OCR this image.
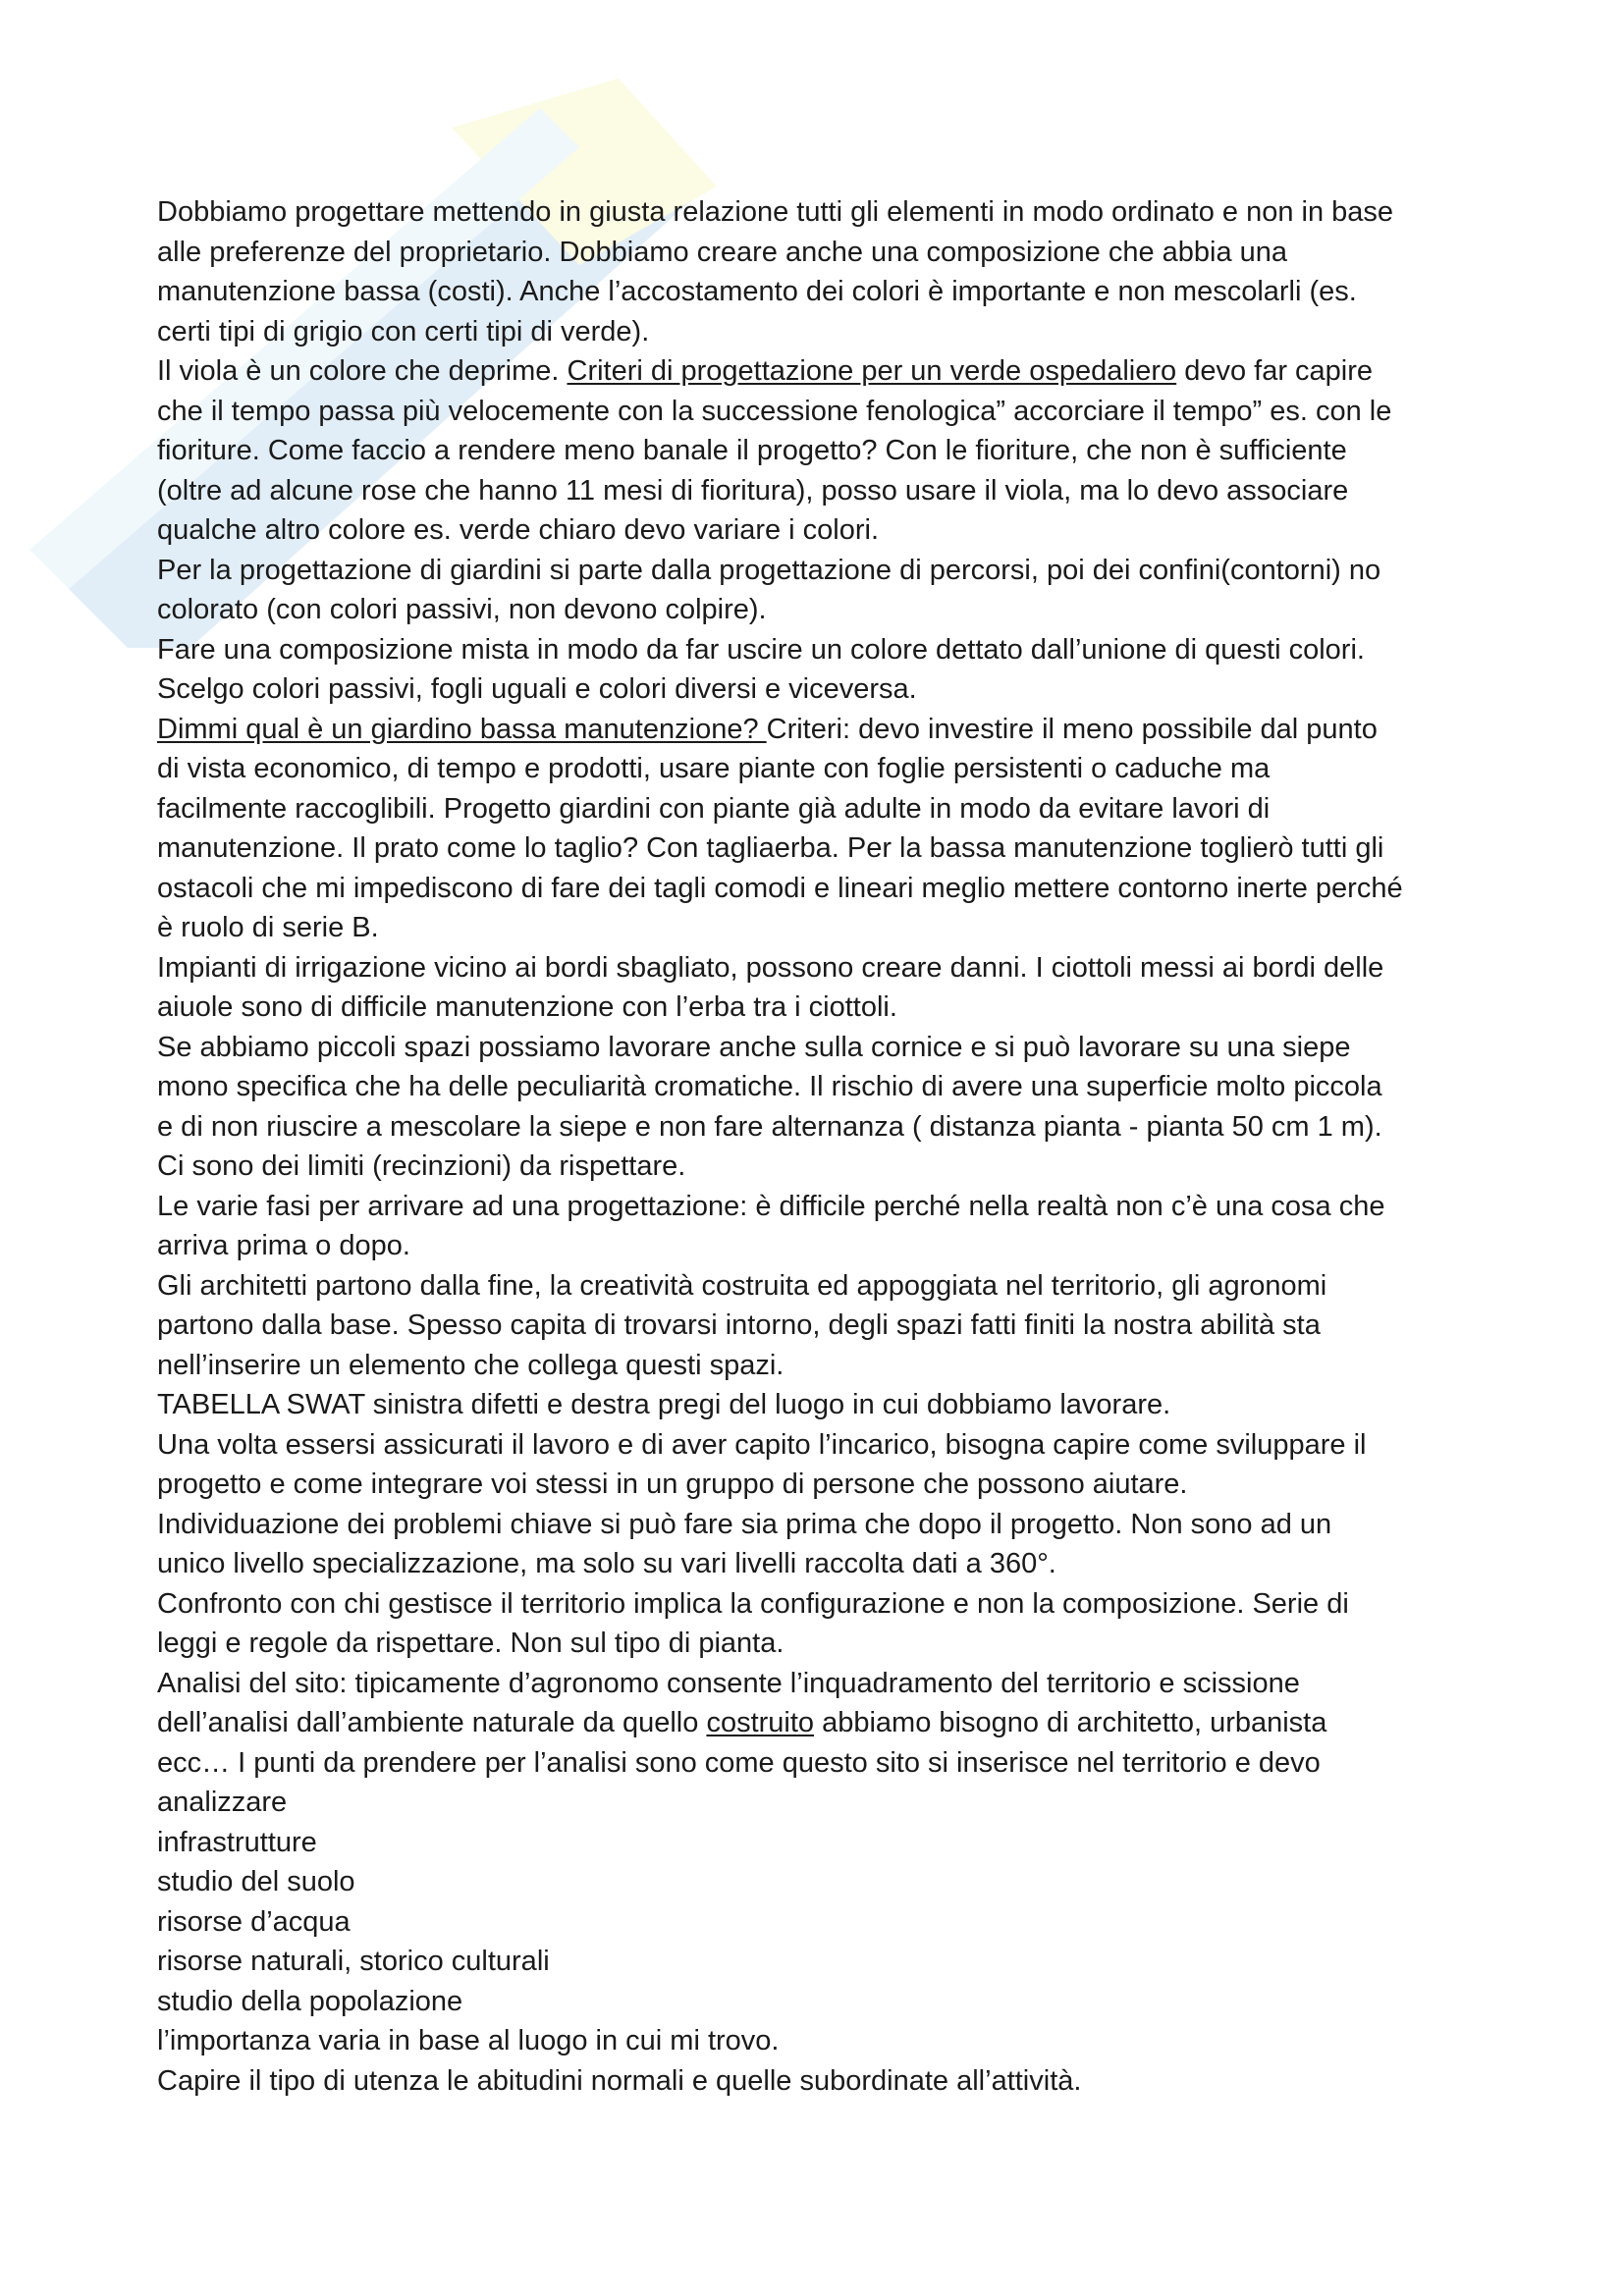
Dobbiamo progettare mettendo in giusta relazione tutti gli elementi in modo ordinato e non in base
alle preferenze del proprietario. Dobbiamo creare anche una composizione che abbia una
manutenzione bassa (costi). Anche l’accostamento dei colori è importante e non mescolarli (es.
certi tipi di grigio con certi tipi di verde).
Il viola è un colore che deprime. Criteri di progettazione per un verde ospedaliero devo far capire
che il tempo passa più velocemente con la successione fenologica” accorciare il tempo” es. con le
fioriture. Come faccio a rendere meno banale il progetto? Con le fioriture, che non è sufficiente
(oltre ad alcune rose che hanno 11 mesi di fioritura), posso usare il viola, ma lo devo associare
qualche altro colore es. verde chiaro devo variare i colori.
Per la progettazione di giardini si parte dalla progettazione di percorsi, poi dei confini(contorni) no
colorato (con colori passivi, non devono colpire).
Fare una composizione mista in modo da far uscire un colore dettato dall’unione di questi colori.
Scelgo colori passivi, fogli uguali e colori diversi e viceversa.
Dimmi qual è un giardino bassa manutenzione? Criteri: devo investire il meno possibile dal punto
di vista economico, di tempo e prodotti, usare piante con foglie persistenti o caduche ma
facilmente raccoglibili. Progetto giardini con piante già adulte in modo da evitare lavori di
manutenzione. Il prato come lo taglio? Con tagliaerba. Per la bassa manutenzione toglierò tutti gli
ostacoli che mi impediscono di fare dei tagli comodi e lineari meglio mettere contorno inerte perché
è ruolo di serie B.
Impianti di irrigazione vicino ai bordi sbagliato, possono creare danni. I ciottoli messi ai bordi delle
aiuole sono di difficile manutenzione con l’erba tra i ciottoli.
Se abbiamo piccoli spazi possiamo lavorare anche sulla cornice e si può lavorare su una siepe
mono specifica che ha delle peculiarità cromatiche. Il rischio di avere una superficie molto piccola
e di non riuscire a mescolare la siepe e non fare alternanza ( distanza pianta - pianta 50 cm 1 m).
Ci sono dei limiti (recinzioni) da rispettare.
Le varie fasi per arrivare ad una progettazione: è difficile perché nella realtà non c’è una cosa che
arriva prima o dopo.
Gli architetti partono dalla fine, la creatività costruita ed appoggiata nel territorio, gli agronomi
partono dalla base. Spesso capita di trovarsi intorno, degli spazi fatti finiti la nostra abilità sta
nell’inserire un elemento che collega questi spazi.
TABELLA SWAT sinistra difetti e destra pregi del luogo in cui dobbiamo lavorare.
Una volta essersi assicurati il lavoro e di aver capito l’incarico, bisogna capire come sviluppare il
progetto e come integrare voi stessi in un gruppo di persone che possono aiutare.
Individuazione dei problemi chiave si può fare sia prima che dopo il progetto. Non sono ad un
unico livello specializzazione, ma solo su vari livelli raccolta dati a 360°.
Confronto con chi gestisce il territorio implica la configurazione e non la composizione. Serie di
leggi e regole da rispettare. Non sul tipo di pianta.
Analisi del sito: tipicamente d’agronomo consente l’inquadramento del territorio e scissione
dell’analisi dall’ambiente naturale da quello costruito abbiamo bisogno di architetto, urbanista
ecc… I punti da prendere per l’analisi sono come questo sito si inserisce nel territorio e devo
analizzare
infrastrutture
studio del suolo
risorse d’acqua
risorse naturali, storico culturali
studio della popolazione
l’importanza varia in base al luogo in cui mi trovo.
Capire il tipo di utenza le abitudini normali e quelle subordinate all’attività.
